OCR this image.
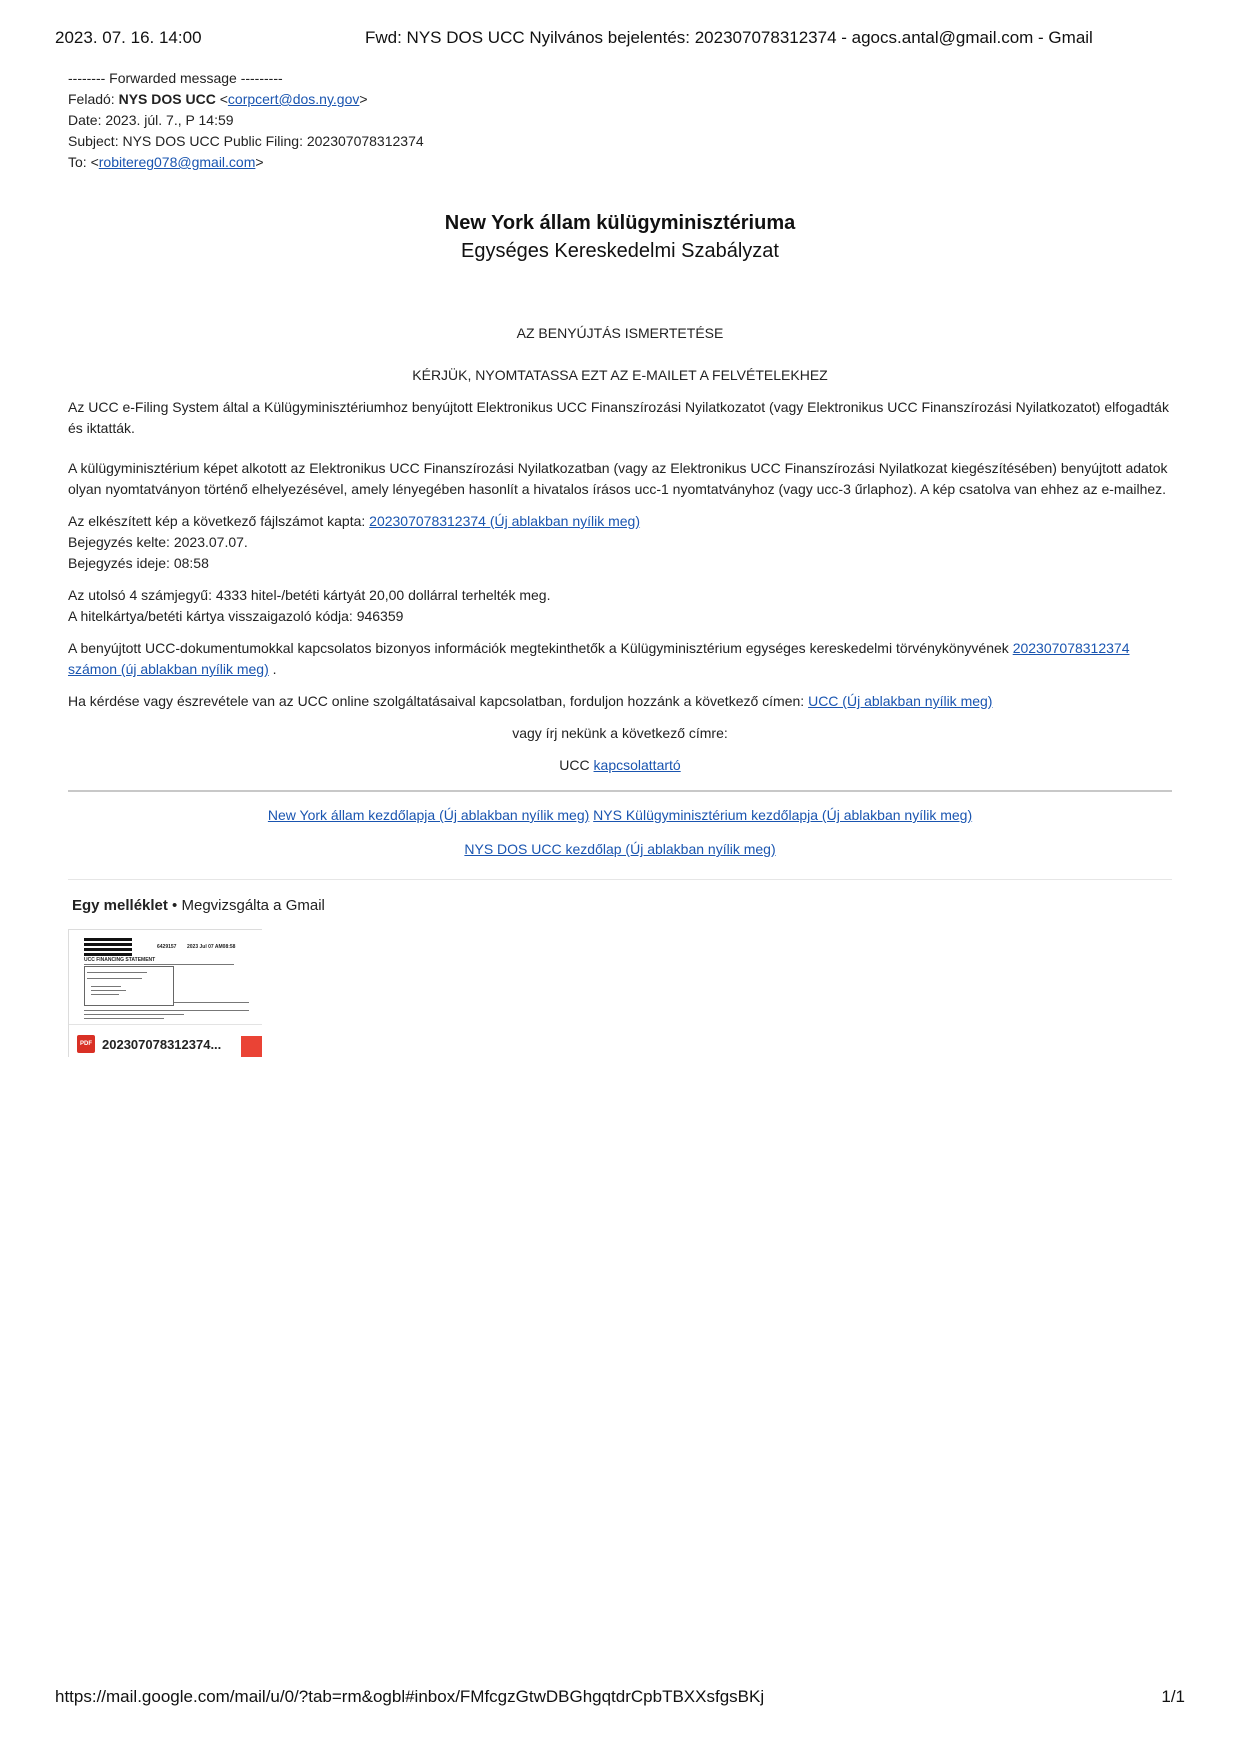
2023. 07. 16. 14:00	Fwd: NYS DOS UCC Nyilvános bejelentés: 202307078312374 - agocs.antal@gmail.com - Gmail
-------- Forwarded message ---------
Feladó: NYS DOS UCC <corpcert@dos.ny.gov>
Date: 2023. júl. 7., P 14:59
Subject: NYS DOS UCC Public Filing: 202307078312374
To: <robitereg078@gmail.com>
New York állam külügyminisztériuma
Egységes Kereskedelmi Szabályzat
AZ BENYÚJTÁS ISMERTETÉSE
KÉRJÜK, NYOMTATASSA EZT AZ E-MAILET A FELVÉTELEKHEZ

Az UCC e-Filing System által a Külügyminisztériumhoz benyújtott Elektronikus UCC Finanszírozási Nyilatkozatot (vagy Elektronikus UCC Finanszírozási Nyilatkozatot) elfogadták és iktatták.

A külügyminisztérium képet alkotott az Elektronikus UCC Finanszírozási Nyilatkozatban (vagy az Elektronikus UCC Finanszírozási Nyilatkozat kiegészítésében) benyújtott adatok olyan nyomtatványon történő elhelyezésével, amely lényegében hasonlít a hivatalos írásos ucc-1 nyomtatványhoz (vagy ucc-3 űrlaphoz). A kép csatolva van ehhez az e-mailhez.

Az elkészített kép a következő fájlszámot kapta: 202307078312374 (Új ablakban nyílik meg)
Bejegyzés kelte: 2023.07.07.
Bejegyzés ideje: 08:58
Az utolsó 4 számjegyű: 4333 hitel-/betéti kártyát 20,00 dollárral terhelték meg.
A hitelkártya/betéti kártya visszaigazoló kódja: 946359

A benyújtott UCC-dokumentumokkal kapcsolatos bizonyos információk megtekinthetők a Külügyminisztérium egységes kereskedelmi törvénykönyvének 202307078312374 számon (új ablakban nyílik meg) .

Ha kérdése vagy észrevétele van az UCC online szolgáltatásaival kapcsolatban, forduljon hozzánk a következő címen: UCC (Új ablakban nyílik meg)

vagy írj nekünk a következő címre:
UCC kapcsolattartó
New York állam kezdőlapja (Új ablakban nyílik meg) NYS Külügyminisztérium kezdőlapja (Új ablakban nyílik meg)
NYS DOS UCC kezdőlap (Új ablakban nyílik meg)
Egy melléklet • Megvizsgálta a Gmail
6429157 2023 Jul 07 AM08:58
UCC FINANCING STATEMENT
PDF 202307078312374...
https://mail.google.com/mail/u/0/?tab=rm&ogbl#inbox/FMfcgzGtwDBGhgqtdrCpbTBXXsfgsBKj	1/1
